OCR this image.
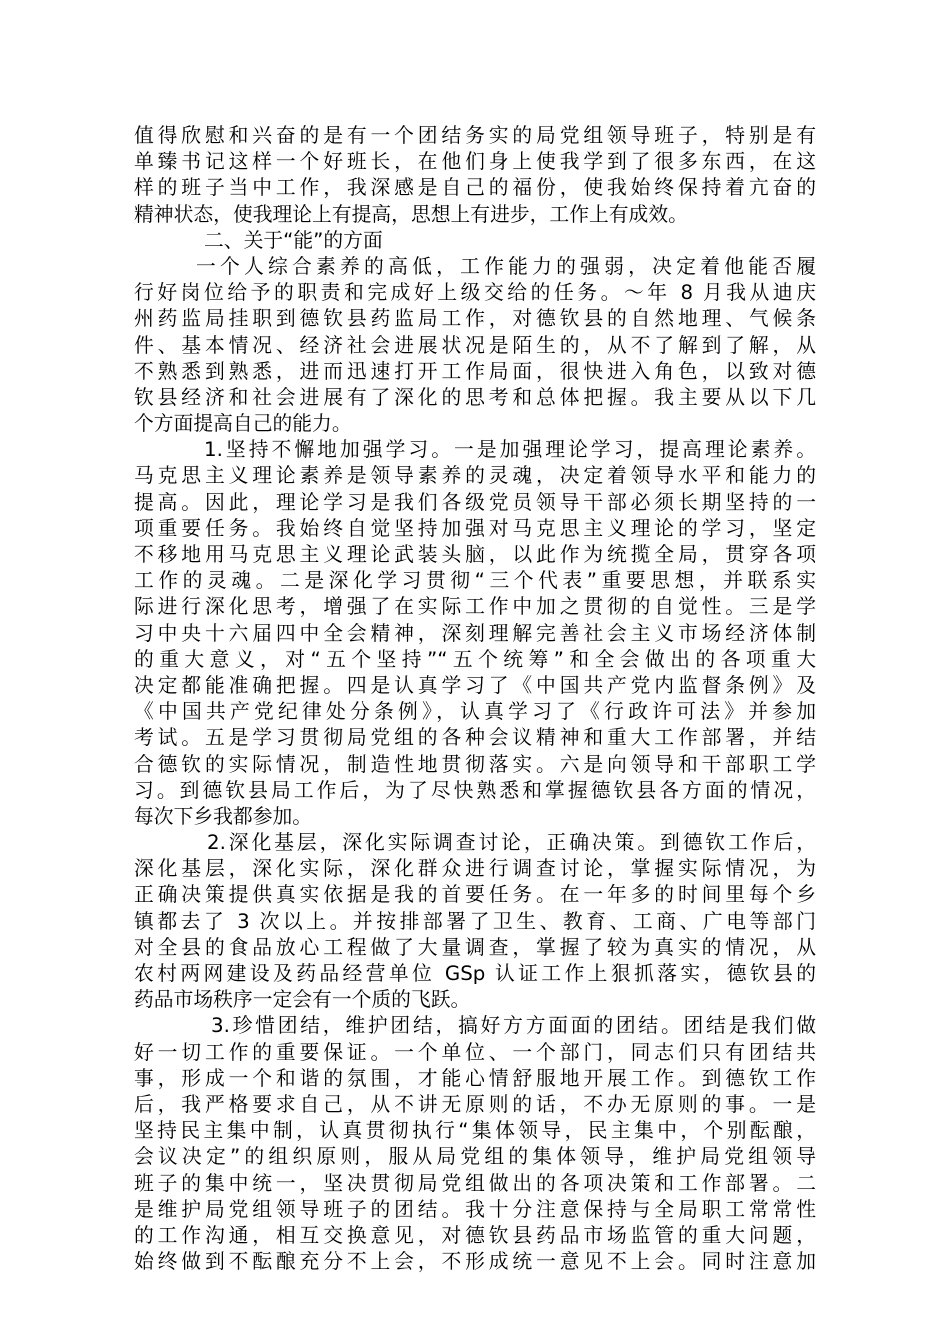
值得欣慰和兴奋的是有一个团结务实的局党组领导班子，特别是有
单臻书记这样一个好班长，在他们身上使我学到了很多东西，在这
样的班子当中工作，我深感是自己的福份，使我始终保持着亢奋的
精神状态，使我理论上有提高，思想上有进步，工作上有成效。
二、关于“能”的方面
一个人综合素养的高低，工作能力的强弱，决定着他能否履
行好岗位给予的职责和完成好上级交给的任务。～年 8 月我从迪庆
州药监局挂职到德钦县药监局工作，对德钦县的自然地理、气候条
件、基本情况、经济社会进展状况是陌生的，从不了解到了解，从
不熟悉到熟悉，进而迅速打开工作局面，很快进入角色，以致对德
钦县经济和社会进展有了深化的思考和总体把握。我主要从以下几
个方面提高自己的能力。
1.坚持不懈地加强学习。一是加强理论学习，提高理论素养。
马克思主义理论素养是领导素养的灵魂，决定着领导水平和能力的
提高。因此，理论学习是我们各级党员领导干部必须长期坚持的一
项重要任务。我始终自觉坚持加强对马克思主义理论的学习，坚定
不移地用马克思主义理论武装头脑，以此作为统揽全局，贯穿各项
工作的灵魂。二是深化学习贯彻“三个代表”重要思想，并联系实
际进行深化思考，增强了在实际工作中加之贯彻的自觉性。三是学
习中央十六届四中全会精神，深刻理解完善社会主义市场经济体制
的重大意义，对“五个坚持”“五个统筹”和全会做出的各项重大
决定都能准确把握。四是认真学习了《中国共产党内监督条例》及
《中国共产党纪律处分条例》，认真学习了《行政许可法》并参加
考试。五是学习贯彻局党组的各种会议精神和重大工作部署，并结
合德钦的实际情况，制造性地贯彻落实。六是向领导和干部职工学
习。到德钦县局工作后，为了尽快熟悉和掌握德钦县各方面的情况，
每次下乡我都参加。
2.深化基层，深化实际调查讨论，正确决策。到德钦工作后，
深化基层，深化实际，深化群众进行调查讨论，掌握实际情况，为
正确决策提供真实依据是我的首要任务。在一年多的时间里每个乡
镇都去了 3 次以上。并按排部署了卫生、教育、工商、广电等部门
对全县的食品放心工程做了大量调查，掌握了较为真实的情况，从
农村两网建设及药品经营单位 GSp 认证工作上狠抓落实，德钦县的
药品市场秩序一定会有一个质的飞跃。
3.珍惜团结，维护团结，搞好方方面面的团结。团结是我们做
好一切工作的重要保证。一个单位、一个部门，同志们只有团结共
事，形成一个和谐的氛围，才能心情舒服地开展工作。到德钦工作
后，我严格要求自己，从不讲无原则的话，不办无原则的事。一是
坚持民主集中制，认真贯彻执行“集体领导，民主集中，个别酝酿，
会议决定”的组织原则，服从局党组的集体领导，维护局党组领导
班子的集中统一，坚决贯彻局党组做出的各项决策和工作部署。二
是维护局党组领导班子的团结。我十分注意保持与全局职工常常性
的工作沟通，相互交换意见，对德钦县药品市场监管的重大问题，
始终做到不酝酿充分不上会，不形成统一意见不上会。同时注意加
